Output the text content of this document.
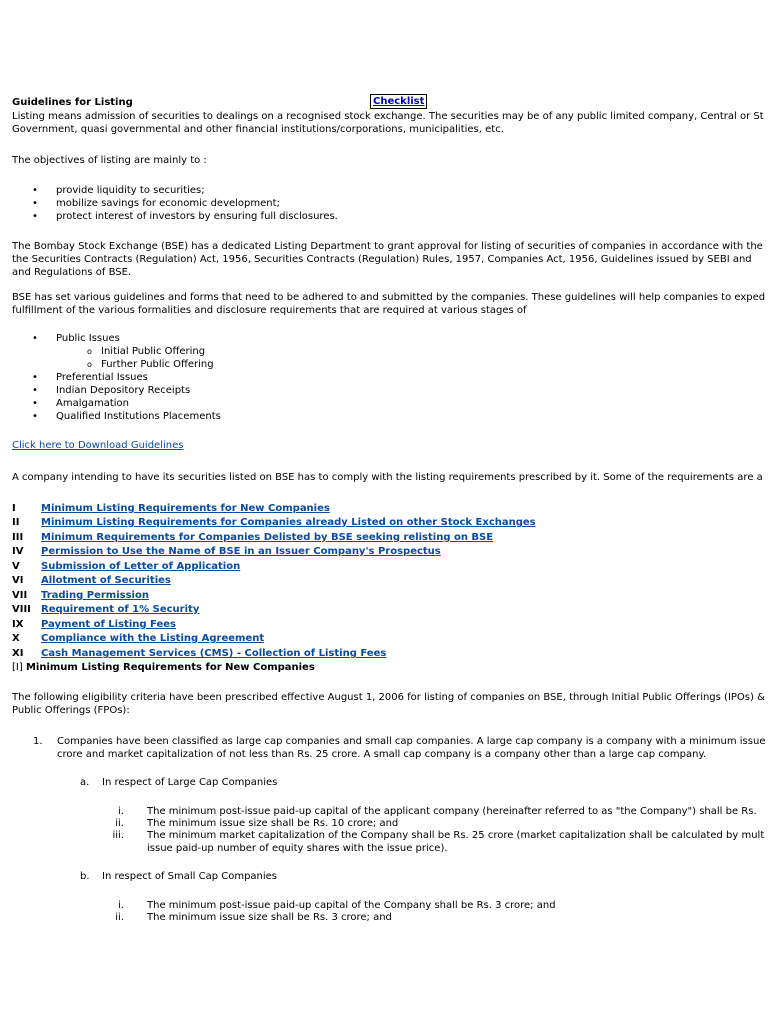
Guidelines for Listing	Checklist
Listing means admission of securities to dealings on a recognised stock exchange. The securities may be of any public limited company, Central or St
Government, quasi governmental and other financial institutions/corporations, municipalities, etc.
The objectives of listing are mainly to :
• provide liquidity to securities;
• mobilize savings for economic development;
• protect interest of investors by ensuring full disclosures.
The Bombay Stock Exchange (BSE) has a dedicated Listing Department to grant approval for listing of securities of companies in accordance with the
the Securities Contracts (Regulation) Act, 1956, Securities Contracts (Regulation) Rules, 1957, Companies Act, 1956, Guidelines issued by SEBI and
and Regulations of BSE.
BSE has set various guidelines and forms that need to be adhered to and submitted by the companies. These guidelines will help companies to exped
fulfillment of the various formalities and disclosure requirements that are required at various stages of
• Public Issues
o Initial Public Offering
o Further Public Offering
• Preferential Issues
• Indian Depository Receipts
• Amalgamation
• Qualified Institutions Placements
Click here to Download Guidelines
A company intending to have its securities listed on BSE has to comply with the listing requirements prescribed by it. Some of the requirements are a
I	Minimum Listing Requirements for New Companies
II Minimum Listing Requirements for Companies already Listed on other Stock Exchanges
III Minimum Requirements for Companies Delisted by BSE seeking relisting on BSE
IV Permission to Use the Name of BSE in an Issuer Company's Prospectus
V Submission of Letter of Application
VI Allotment of Securities
VII Trading Permission
VIII Requirement of 1% Security
IX Payment of Listing Fees
X Compliance with the Listing Agreement
XI Cash Management Services (CMS) - Collection of Listing Fees
[I] Minimum Listing Requirements for New Companies
The following eligibility criteria have been prescribed effective August 1, 2006 for listing of companies on BSE, through Initial Public Offerings (IPOs) &
Public Offerings (FPOs):
1. Companies have been classified as large cap companies and small cap companies. A large cap company is a company with a minimum issue
crore and market capitalization of not less than Rs. 25 crore. A small cap company is a company other than a large cap company.
a. In respect of Large Cap Companies
i. The minimum post-issue paid-up capital of the applicant company (hereinafter referred to as "the Company") shall be Rs.
ii. The minimum issue size shall be Rs. 10 crore; and
iii. The minimum market capitalization of the Company shall be Rs. 25 crore (market capitalization shall be calculated by mult
issue paid-up number of equity shares with the issue price).
b. In respect of Small Cap Companies
i. The minimum post-issue paid-up capital of the Company shall be Rs. 3 crore; and
ii. The minimum issue size shall be Rs. 3 crore; and
